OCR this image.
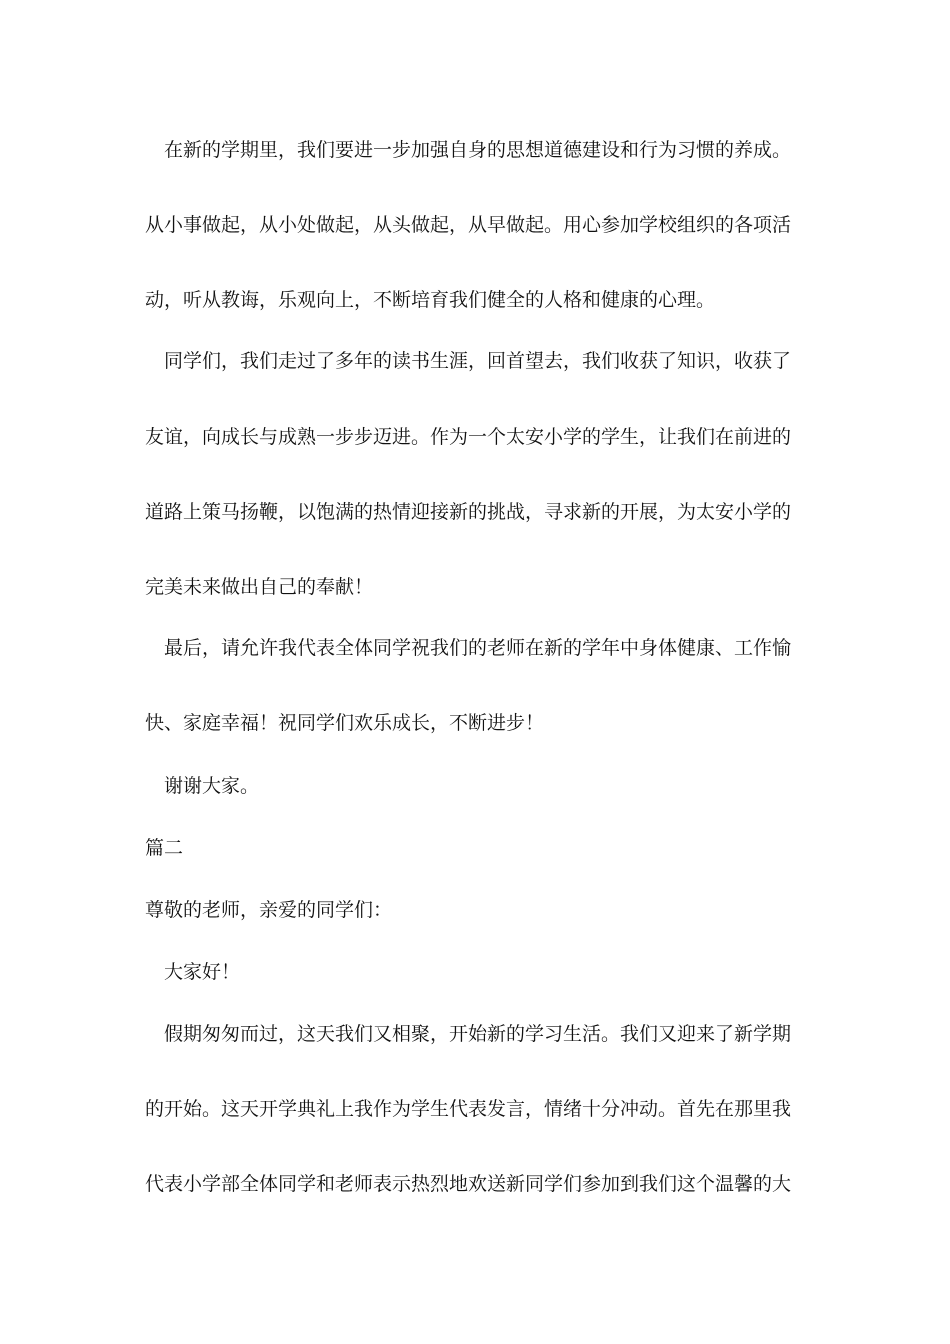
　在新的学期里，我们要进一步加强自身的思想道德建设和行为习惯的养成。
从小事做起，从小处做起，从头做起，从早做起。用心参加学校组织的各项活
动，听从教诲，乐观向上，不断培育我们健全的人格和健康的心理。
　同学们，我们走过了多年的读书生涯，回首望去，我们收获了知识，收获了
友谊，向成长与成熟一步步迈进。作为一个太安小学的学生，让我们在前进的
道路上策马扬鞭，以饱满的热情迎接新的挑战，寻求新的开展，为太安小学的
完美未来做出自己的奉献！
　最后，请允许我代表全体同学祝我们的老师在新的学年中身体健康、工作愉
快、家庭幸福！祝同学们欢乐成长，不断进步！
　谢谢大家。
篇二
尊敬的老师，亲爱的同学们：
　大家好！
　假期匆匆而过，这天我们又相聚，开始新的学习生活。我们又迎来了新学期
的开始。这天开学典礼上我作为学生代表发言，情绪十分冲动。首先在那里我
代表小学部全体同学和老师表示热烈地欢送新同学们参加到我们这个温馨的大
